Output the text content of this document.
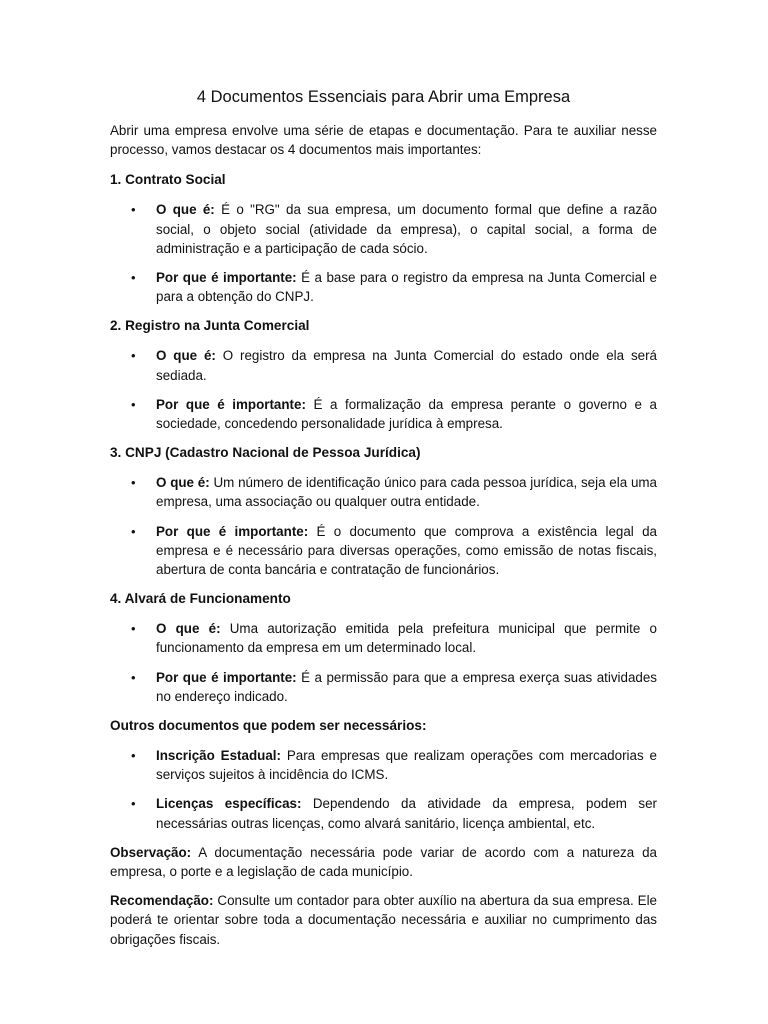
4 Documentos Essenciais para Abrir uma Empresa

Abrir uma empresa envolve uma série de etapas e documentação. Para te auxiliar nesse processo, vamos destacar os 4 documentos mais importantes:

1. Contrato Social
• O que é: É o "RG" da sua empresa, um documento formal que define a razão social, o objeto social (atividade da empresa), o capital social, a forma de administração e a participação de cada sócio.
• Por que é importante: É a base para o registro da empresa na Junta Comercial e para a obtenção do CNPJ.
2. Registro na Junta Comercial
• O que é: O registro da empresa na Junta Comercial do estado onde ela será sediada.
• Por que é importante: É a formalização da empresa perante o governo e a sociedade, concedendo personalidade jurídica à empresa.
3. CNPJ (Cadastro Nacional de Pessoa Jurídica)
• O que é: Um número de identificação único para cada pessoa jurídica, seja ela uma empresa, uma associação ou qualquer outra entidade.
• Por que é importante: É o documento que comprova a existência legal da empresa e é necessário para diversas operações, como emissão de notas fiscais, abertura de conta bancária e contratação de funcionários.
4. Alvará de Funcionamento
• O que é: Uma autorização emitida pela prefeitura municipal que permite o funcionamento da empresa em um determinado local.
• Por que é importante: É a permissão para que a empresa exerça suas atividades no endereço indicado.
Outros documentos que podem ser necessários:
• Inscrição Estadual: Para empresas que realizam operações com mercadorias e serviços sujeitos à incidência do ICMS.
• Licenças específicas: Dependendo da atividade da empresa, podem ser necessárias outras licenças, como alvará sanitário, licença ambiental, etc.

Observação: A documentação necessária pode variar de acordo com a natureza da empresa, o porte e a legislação de cada município.

Recomendação: Consulte um contador para obter auxílio na abertura da sua empresa. Ele poderá te orientar sobre toda a documentação necessária e auxiliar no cumprimento das obrigações fiscais.
